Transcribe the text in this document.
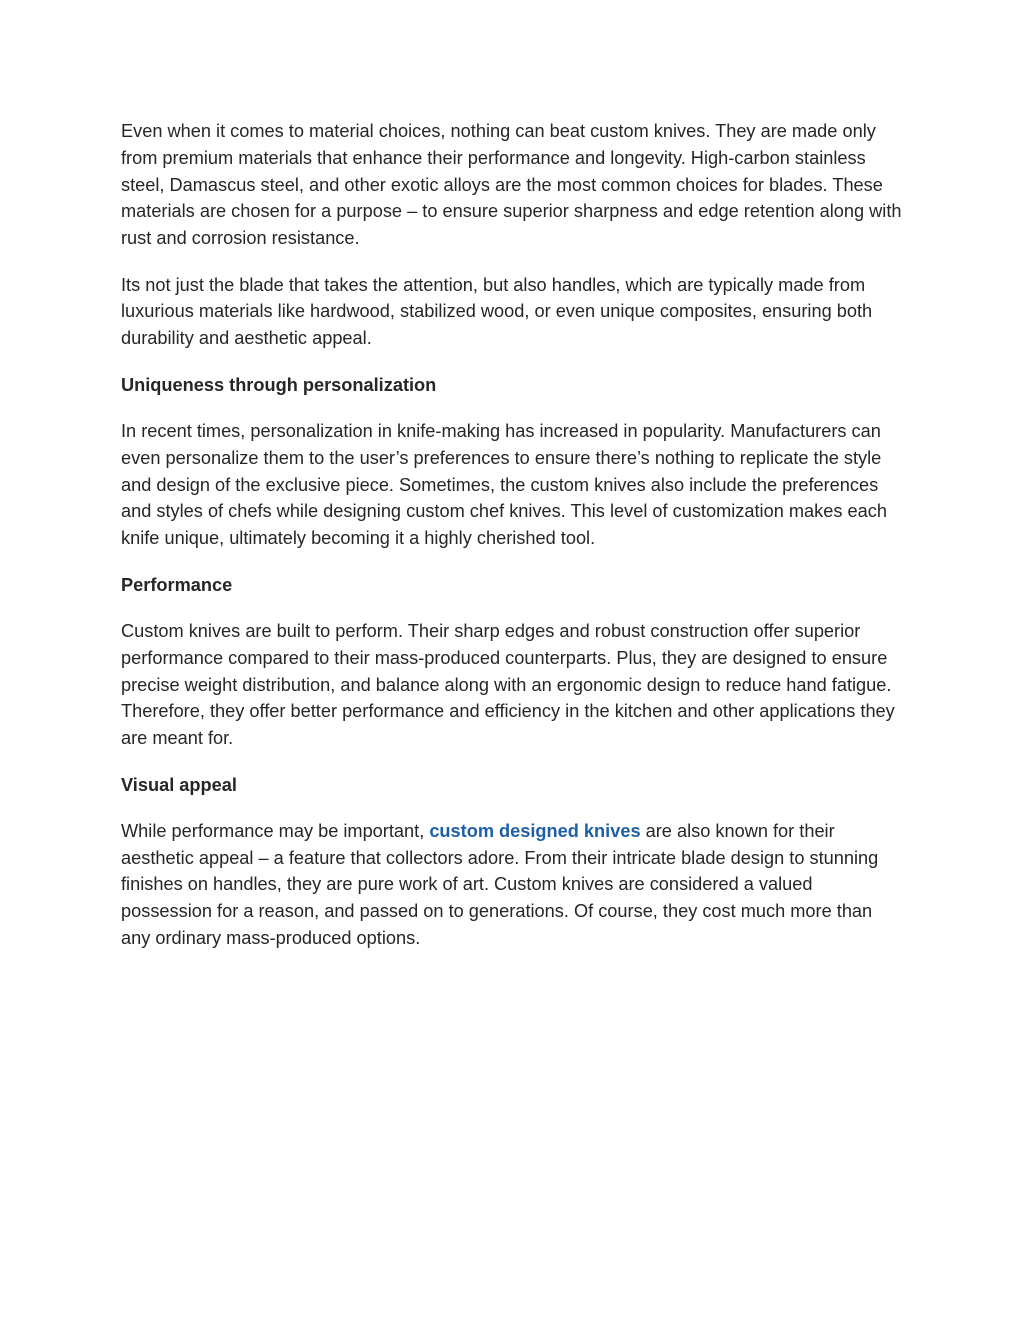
Even when it comes to material choices, nothing can beat custom knives. They are made only from premium materials that enhance their performance and longevity. High-carbon stainless steel, Damascus steel, and other exotic alloys are the most common choices for blades. These materials are chosen for a purpose – to ensure superior sharpness and edge retention along with rust and corrosion resistance.

Its not just the blade that takes the attention, but also handles, which are typically made from luxurious materials like hardwood, stabilized wood, or even unique composites, ensuring both durability and aesthetic appeal.

Uniqueness through personalization

In recent times, personalization in knife-making has increased in popularity. Manufacturers can even personalize them to the user’s preferences to ensure there’s nothing to replicate the style and design of the exclusive piece. Sometimes, the custom knives also include the preferences and styles of chefs while designing custom chef knives. This level of customization makes each knife unique, ultimately becoming it a highly cherished tool.

Performance

Custom knives are built to perform. Their sharp edges and robust construction offer superior performance compared to their mass-produced counterparts. Plus, they are designed to ensure precise weight distribution, and balance along with an ergonomic design to reduce hand fatigue. Therefore, they offer better performance and efficiency in the kitchen and other applications they are meant for.

Visual appeal

While performance may be important, custom designed knives are also known for their aesthetic appeal – a feature that collectors adore. From their intricate blade design to stunning finishes on handles, they are pure work of art. Custom knives are considered a valued possession for a reason, and passed on to generations. Of course, they cost much more than any ordinary mass-produced options.
